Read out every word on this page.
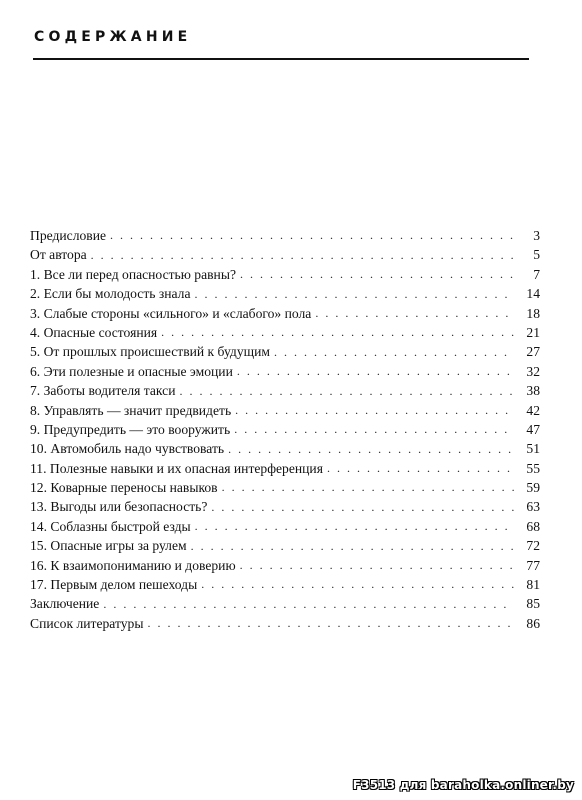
СОДЕРЖАНИЕ
Предисловие . . .	3
От автора . . .	5
1. Все ли перед опасностью равны? . . .	7
2. Если бы молодость знала . . .	14
3. Слабые стороны «сильного» и «слабого» пола . . .	18
4. Опасные состояния . . .	21
5. От прошлых происшествий к будущим . . .	27
6. Эти полезные и опасные эмоции . . .	32
7. Заботы водителя такси . . .	38
8. Управлять — значит предвидеть . . .	42
9. Предупредить — это вооружить . . .	47
10. Автомобиль надо чувствовать . . .	51
11. Полезные навыки и их опасная интерференция . . .	55
12. Коварные переносы навыков . . .	59
13. Выгоды или безопасность? . . .	63
14. Соблазны быстрой езды . . .	68
15. Опасные игры за рулем . . .	72
16. К взаимопониманию и доверию . . .	77
17. Первым делом пешеходы . . .	81
Заключение . . .	85
Список литературы . . .	86
F3513 для baraholka.onliner.by
